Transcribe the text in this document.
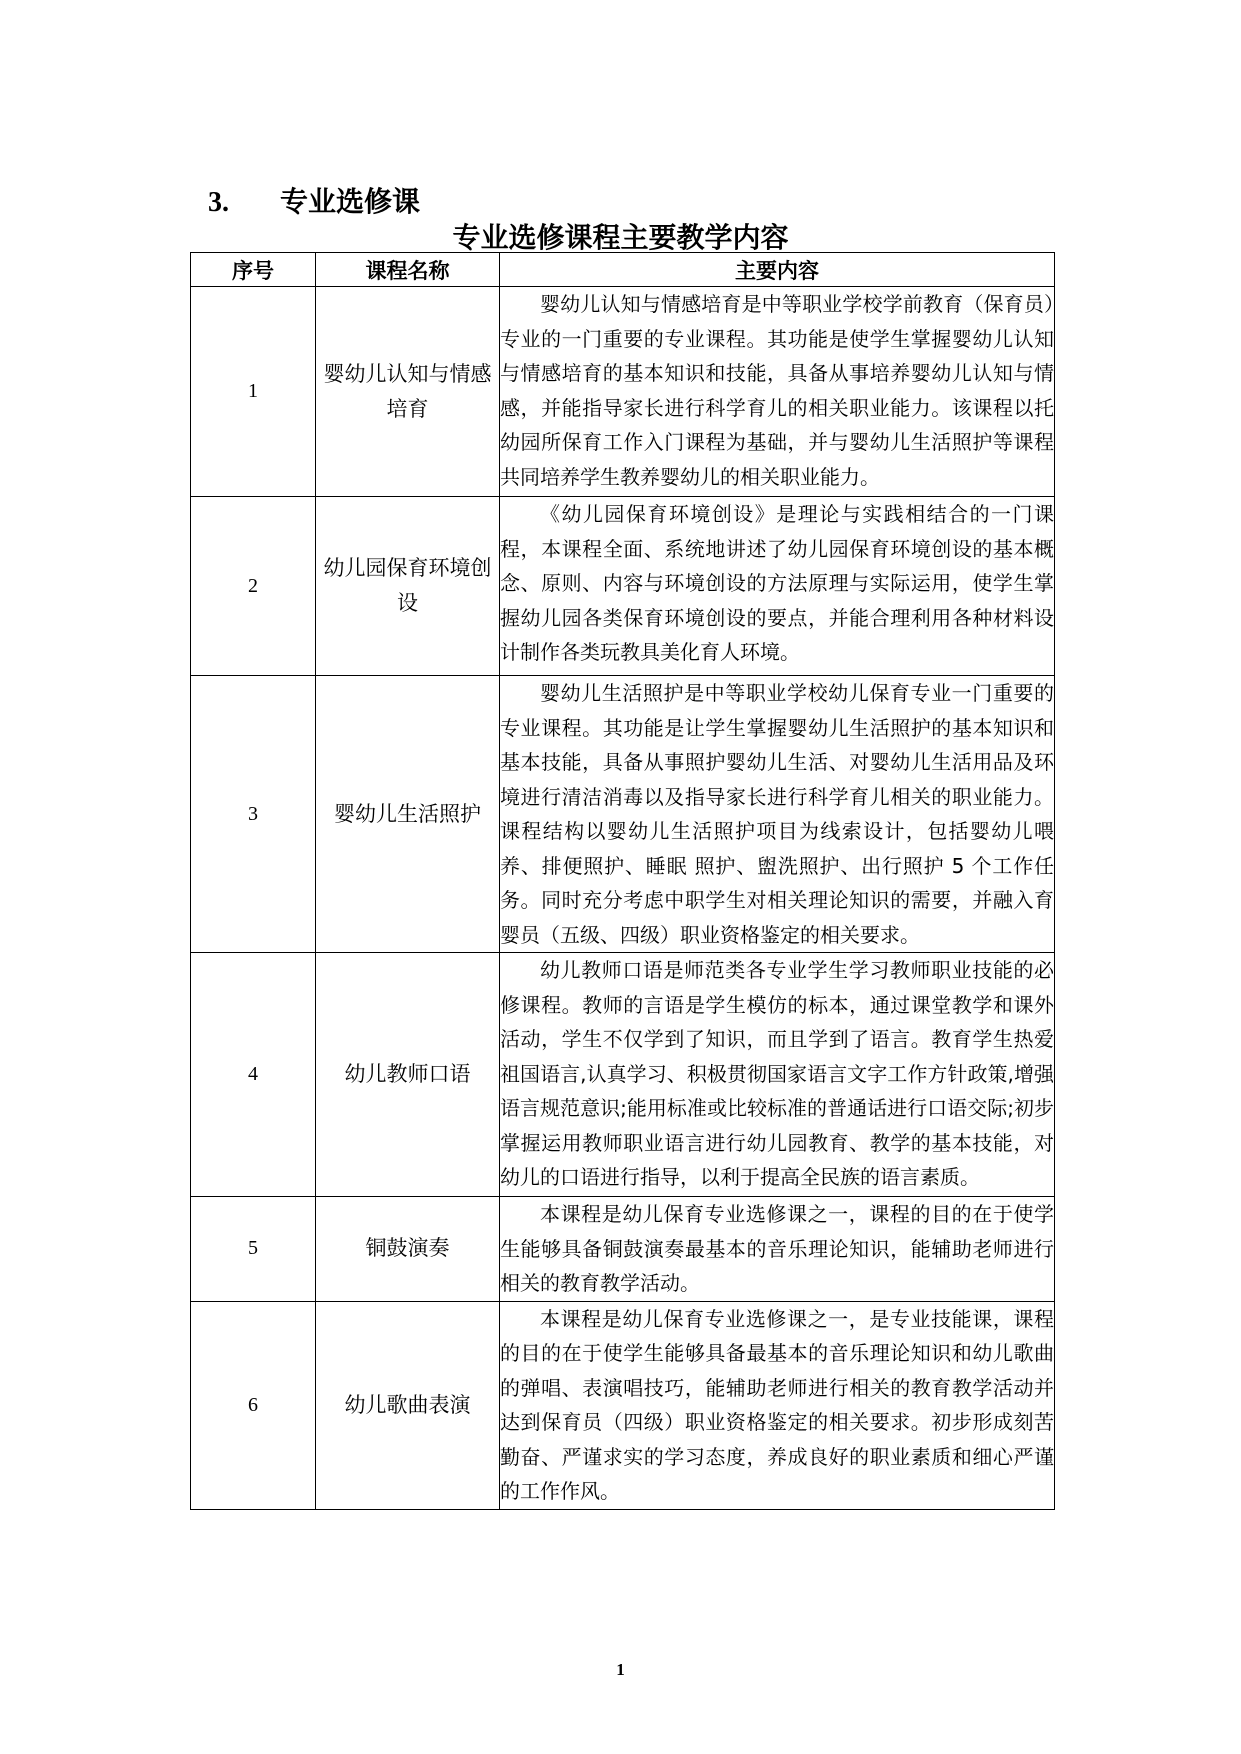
3.	专业选修课
专业选修课程主要教学内容
序号	课程名称	主要内容
1	婴幼儿认知与情感培育	婴幼儿认知与情感培育是中等职业学校学前教育（保育员）专业的一门重要的专业课程。其功能是使学生掌握婴幼儿认知与情感培育的基本知识和技能，具备从事培养婴幼儿认知与情感，并能指导家长进行科学育儿的相关职业能力。该课程以托幼园所保育工作入门课程为基础，并与婴幼儿生活照护等课程共同培养学生教养婴幼儿的相关职业能力。
2	幼儿园保育环境创设	《幼儿园保育环境创设》是理论与实践相结合的一门课程，本课程全面、系统地讲述了幼儿园保育环境创设的基本概念、原则、内容与环境创设的方法原理与实际运用，使学生掌握幼儿园各类保育环境创设的要点，并能合理利用各种材料设计制作各类玩教具美化育人环境。
3	婴幼儿生活照护	婴幼儿生活照护是中等职业学校幼儿保育专业一门重要的专业课程。其功能是让学生掌握婴幼儿生活照护的基本知识和基本技能，具备从事照护婴幼儿生活、对婴幼儿生活用品及环境进行清洁消毒以及指导家长进行科学育儿相关的职业能力。课程结构以婴幼儿生活照护项目为线索设计，包括婴幼儿喂养、排便照护、睡眠 照护、盥洗照护、出行照护 5 个工作任务。同时充分考虑中职学生对相关理论知识的需要，并融入育婴员（五级、四级）职业资格鉴定的相关要求。
4	幼儿教师口语	幼儿教师口语是师范类各专业学生学习教师职业技能的必修课程。教师的言语是学生模仿的标本，通过课堂教学和课外活动，学生不仅学到了知识，而且学到了语言。教育学生热爱祖国语言,认真学习、积极贯彻国家语言文字工作方针政策,增强语言规范意识;能用标准或比较标准的普通话进行口语交际;初步掌握运用教师职业语言进行幼儿园教育、教学的基本技能，对幼儿的口语进行指导，以利于提高全民族的语言素质。
5	铜鼓演奏	本课程是幼儿保育专业选修课之一，课程的目的在于使学生能够具备铜鼓演奏最基本的音乐理论知识，能辅助老师进行相关的教育教学活动。
6	幼儿歌曲表演	本课程是幼儿保育专业选修课之一，是专业技能课，课程的目的在于使学生能够具备最基本的音乐理论知识和幼儿歌曲的弹唱、表演唱技巧，能辅助老师进行相关的教育教学活动并达到保育员（四级）职业资格鉴定的相关要求。初步形成刻苦勤奋、严谨求实的学习态度，养成良好的职业素质和细心严谨的工作作风。
1
